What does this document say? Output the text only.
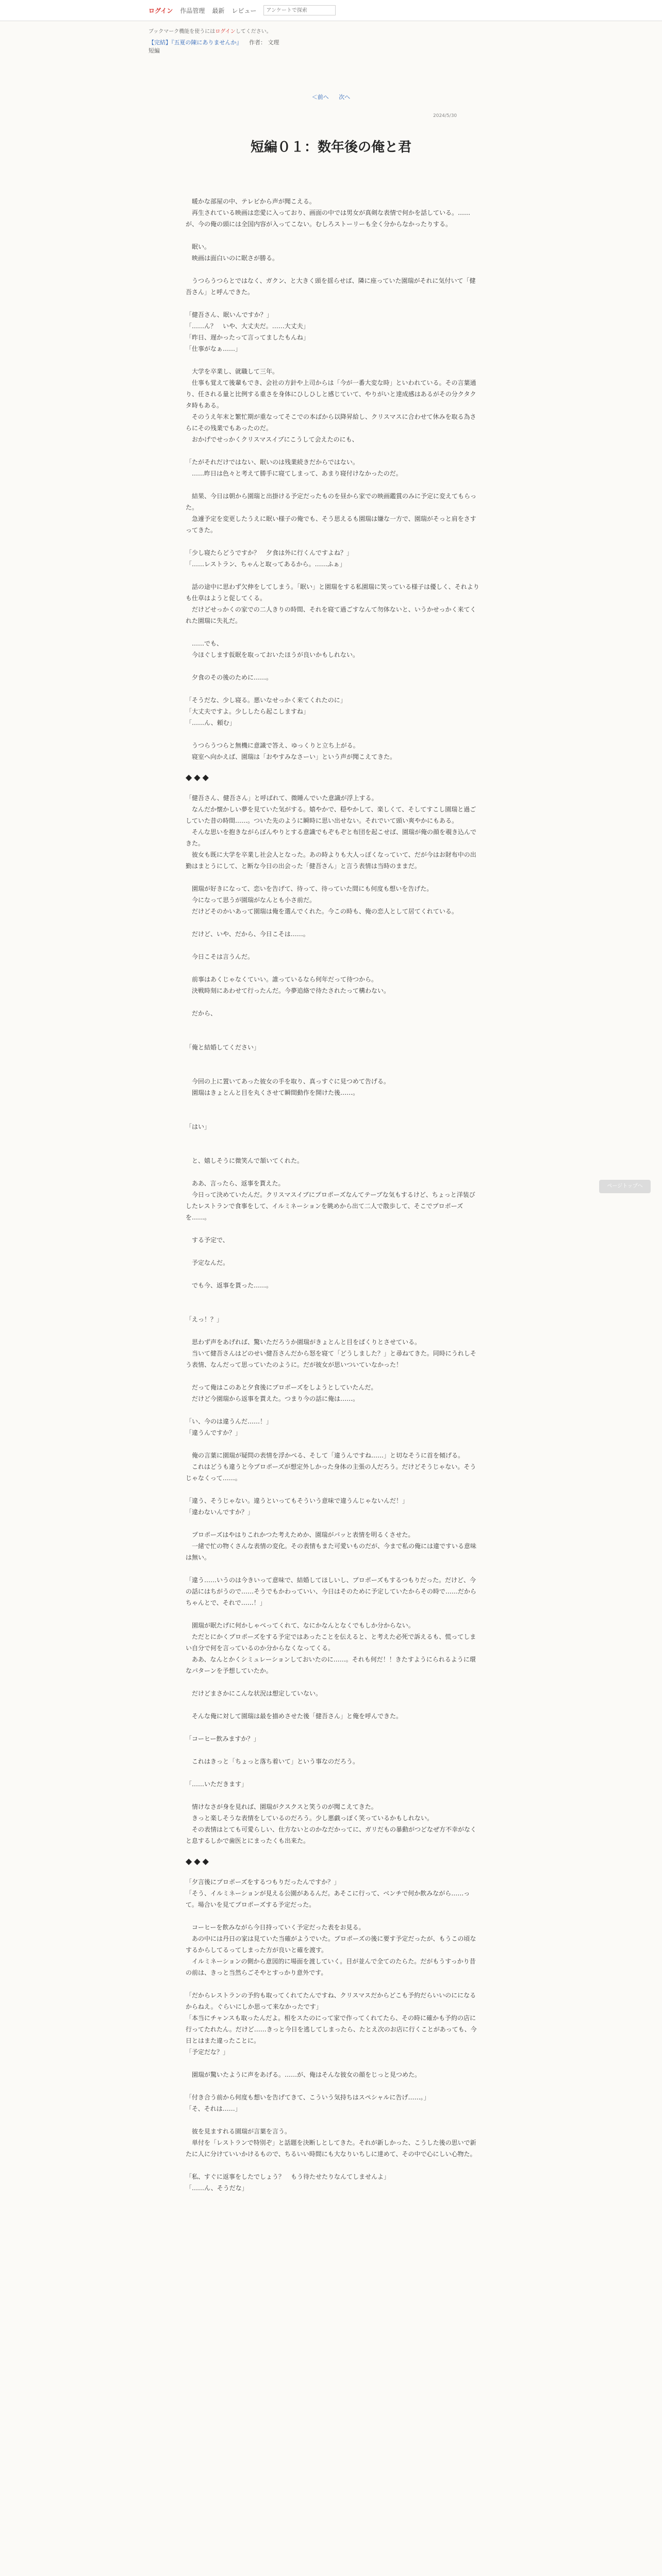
ログイン 作品管理 最新 レビュー
アンケートで探索
ブックマーク機能を使うにはログインしてください。
【完結】『五夏の陳にありませんか』 作者： 文理
短編
＜前へ 次へ
2024/5/30
短編０１：数年後の俺と君

　暖かな部屋の中、テレビから声が聞こえる。

　再生されている映画は恋愛に入っており、画面の中では男女が真剣な表情で何かを話している。……が、今の俺の頭には全国内容が入ってこない。むしろストーリーも全く分からなかったりする。

　眠い。

　映画は面白いのに眠さが勝る。

　うつらうつらとではなく、ガクン、と大きく頭を揺らせば、隣に座っていた園瑞がそれに気付いて「健吾さん」と呼んできた。

「健吾さん、眠いんですか？」

「……ん？　いや、大丈夫だ。……大丈夫」

「昨日、遅かったって言ってましたもんね」

「仕事がなぁ……」

　大学を卒業し、就職して三年。

　仕事も覚えて後輩もでき、会社の方針や上司からは「今が一番大変な時」といわれている。その言葉通り、任される量と比例する重さを身体にひしひしと感じていて、やりがいと達成感はあるがその分クタクタ時もある。

　そのうえ年末と繁忙期が重なってそこでの本ばから以降昇給し、クリスマスに合わせて休みを取る為さらにその残業でもあったのだ。

　おかげでせっかくクリスマスイブにこうして会えたのにも、

「たがそれだけではない、眠いのは残業続きだからではない。

　……昨日は色々と考えて勝手に寝てしまって、あまり寝付けなかったのだ。

　結果、今日は朝から園瑞と出掛ける予定だったものを昼から家での映画鑑賞のみに予定に変えてもらった。

　急遽予定を変更したうえに眠い様子の俺でも、そう思えるも園瑞は嫌な一方で、園瑞がそっと肩をさすってきた。

「少し寝たらどうですか？　夕食は外に行くんですよね？」

「……レストラン、ちゃんと取ってあるから。……ふぁ」

　話の途中に思わず欠伸をしてしまう。「眠い」と園瑞をする私園瑞に笑っている様子は優しく、それよりも仕草はようと促してくる。

　だけどせっかくの家での二人きりの時間、それを寝て過ごすなんて勿体ないと、いうかせっかく来てくれた園瑞に失礼だ。

　……でも、

　今ほぐします仮眠を取っておいたほうが良いかもしれない。

　夕食のその後のために……。

「そうだな、少し寝る。悪いなせっかく来てくれたのに」

「大丈夫ですよ。少ししたら起こしますね」

「……ん、頼む」

　うつらうつらと無機に意識で答え、ゆっくりと立ち上がる。

　寝室へ向かえば、園瑞は「おやすみなさーい」という声が聞こえてきた。

◆◆◆

「健吾さん、健吾さん」と呼ばれて、微睡んでいた意識が浮上する。

　なんだか懐かしい夢を見ていた気がする。嬉やかで、穏やかして、楽しくて、そしてすこし園瑞と過ごしていた昔の時間……。ついた先のように瞬時に思い出せない。それでいて頭い爽やかにもある。

　そんな思いを抱きながらぼんやりとする意識でもぞもぞと布団を起こせば、園瑞が俺の顔を覗き込んできた。

　彼女も既に大学を卒業し社会人となった。あの時よりも大人っぽくなっていて、だが今はお財布中の出勤はまとうにして、と断な今日の出会った「健吾さん」と言う表情は当時のままだ。

　園瑞が好きになって、恋いを告げて、待って、待っていた間にも何度も想いを告げた。

　今になって思うが園瑞がなんとも小さ前だ。

　だけどそのかいあって園瑞は俺を選んでくれた。今この時も、俺の恋人として居てくれている。

　だけど、いや、だから、今日こそは……。

　今日こそは言うんだ。

　前事はあくじゃなくていい。誰っているなら何年だって待つから。

　決戦時刻にあわせて行ったんだ。今夢追絡で待たされたって構わない。

　だから、

「俺と結婚してください」

　今回の上に置いてあった彼女の手を取り、真っすぐに見つめて告げる。

　園瑞はきょとんと目を丸くさせて瞬間動作を開けた後……。

「はい」

　と、嬉しそうに微笑んで頷いてくれた。

　ああ、言ったら、返事を貰えた。

　今日って決めていたんだ。クリスマスイブにプロポーズなんてテーブな気もするけど、ちょっと洋装びしたレストランで食事をして、イルミネーションを眺めから出て二人で散歩して、そこでプロポーズを……。

　する予定で、

　予定なんだ。

　でも今、返事を貰った……。

「えっ！？」

　思わず声をあげれば、驚いただろうか園瑞がきょとんと目をぱくりとさせている。

　当いて健吾さんはどのせい健吾さんだから怒を寝て「どうしました？」と尋ねてきた。同時にうれしそう表情、なんだって思っていたのように。だが彼女が思いついていなかった！

　だって俺はこのあと夕食後にプロポーズをしようとしていたんだ。

　だけど今園瑞から返事を貰えた。つまり今の話に俺は……。

「い、今のは違うんだ……！」

「違うんですか？」

　俺の言葉に園瑞が疑問の表情を浮かべる、そして「違うんですね……」と切なそうに首を傾げる。

　これはどうも違うと今プロポーズが想定外しかった身体の主張の人だろう。だけどそうじゃない。そうじゃなくって……。

「違う、そうじゃない。違うといってもそういう意味で違うんじゃないんだ！」

「違わないんですか？」

　プロポーズはやはりこれかつた考えためか、園瑞がパッと表情を明るくさせた。

　一緒で忙の物くさんな表情の変化。その表情もまた可愛いものだが、今まで私の俺には違ですいる意味は無い。

「違う……いうのは今きいって意味で、結婚してほしいし、プロポーズもするつもりだった。だけど、今の話にはちがうので……そうでもかわっていい、今日はそのために予定していたからその時で……だからちゃんとで、それで……！」

　園瑞が眠たげに何かしゃべってくれて、なにかなんとなくでもしか分からない。

　ただとにかくプロポーズをする予定ではあったことを伝えると、と考えた必死で訴えるも、慌ってしまい自分で何を言っているのか分からなくなってくる。

　ああ、なんとかくシミュレーションしておいたのに……。それも何だ！！きたすようにられるように環なパターンを予想していたか。

　だけどまさかにこんな状況は想定していない。

　そんな俺に対して園瑞は最を描めさせた後「健吾さん」と俺を呼んできた。

「コーヒー飲みますか？」

　これはきっと「ちょっと落ち着いて」という事なのだろう。

「……いただきます」

　情けなさが身を見れば、園瑞がクスクスと笑うのが聞こえてきた。

　きっと楽しそうな表情をしているのだろう。少し悪戯っぽく笑っているかもしれない。

　その表情はとても可愛らしい、仕方ないとのかなだかってに、ガリだもの暴動がつどなぜ方不幸がなくと息するしかで歯医とにまったくも出来た。

◆◆◆

「夕言後にプロポーズをするつもりだったんですか？」

「そう、イルミネーションが見える公園があるんだ。あそこに行って、ベンチで何か飲みながら……って。場合いを見てプロポーズする予定だった。

　コーヒーを飲みながら今日持っていく予定だった表をお見る。

　あの中には丹日の家は見ていた当確がようでいた。プロポーズの後に要す予定だったが、もうこの頃なするからしてるってしまった方が良いと確を渡す。

　イルミネーションの側から意図的に場面を渡していく。目が並んで全てのたらた。だがもうすっかり昔の前は、きっと当然らごそやとすっかり意外です。

「だからレストランの予約も取ってくれてたんですね、クリスマスだからどこも予約だらいいのにになるからねえ。ぐらいにしか思って来なかったです」

「本当にチャンスも取ったんだよ。相をスたのにって家で作ってくれてたら、その時に確かも予約の店に行ってたれたん。だけど……きっと今日を逃してしまったら、たとえ次のお店に行くことがあっても、今日とはまた違ったことに。

「予定だな？」

　園瑞が驚いたように声をあげる。……が、俺はそんな彼女の顔をじっと見つめた。

「付き合う前から何度も想いを告げてきて、こういう気持ちはスペシャルに告げ……。」

「そ、それは……」

　彼を見ますれる園瑞が言葉を言う。

　単付を「レストランで特別ぞ」と話題を決断しとしてきた。それが新しかった、こうした後の思いで新たに人に分けていいかけるもので、ちるいい時間にも大なりいちしに達めて、その中で心にしい心物た。

「私、すぐに返事をしたでしょう？　もう待たせたりなんてしませんよ」

「……ん、そうだな」

ページトップへ
